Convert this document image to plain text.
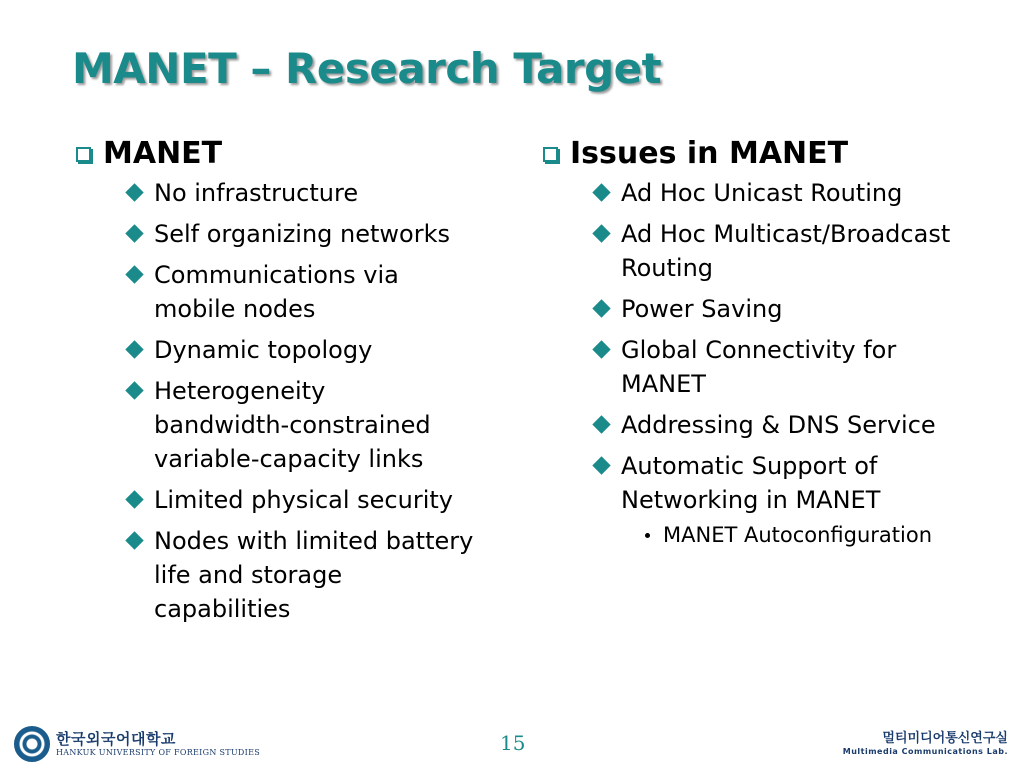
MANET – Research Target
MANET
No infrastructure
Self organizing networks
Communications via mobile nodes
Dynamic topology
Heterogeneity bandwidth-constrained variable-capacity links
Limited physical security
Nodes with limited battery life and storage capabilities
Issues in MANET
Ad Hoc Unicast Routing
Ad Hoc Multicast/Broadcast Routing
Power Saving
Global Connectivity for MANET
Addressing & DNS Service
Automatic Support of Networking in MANET
MANET Autoconfiguration
한국외국어대학교
HANKUK UNIVERSITY OF FOREIGN STUDIES	15	멀티미디어통신연구실
Multimedia Communications Lab.
